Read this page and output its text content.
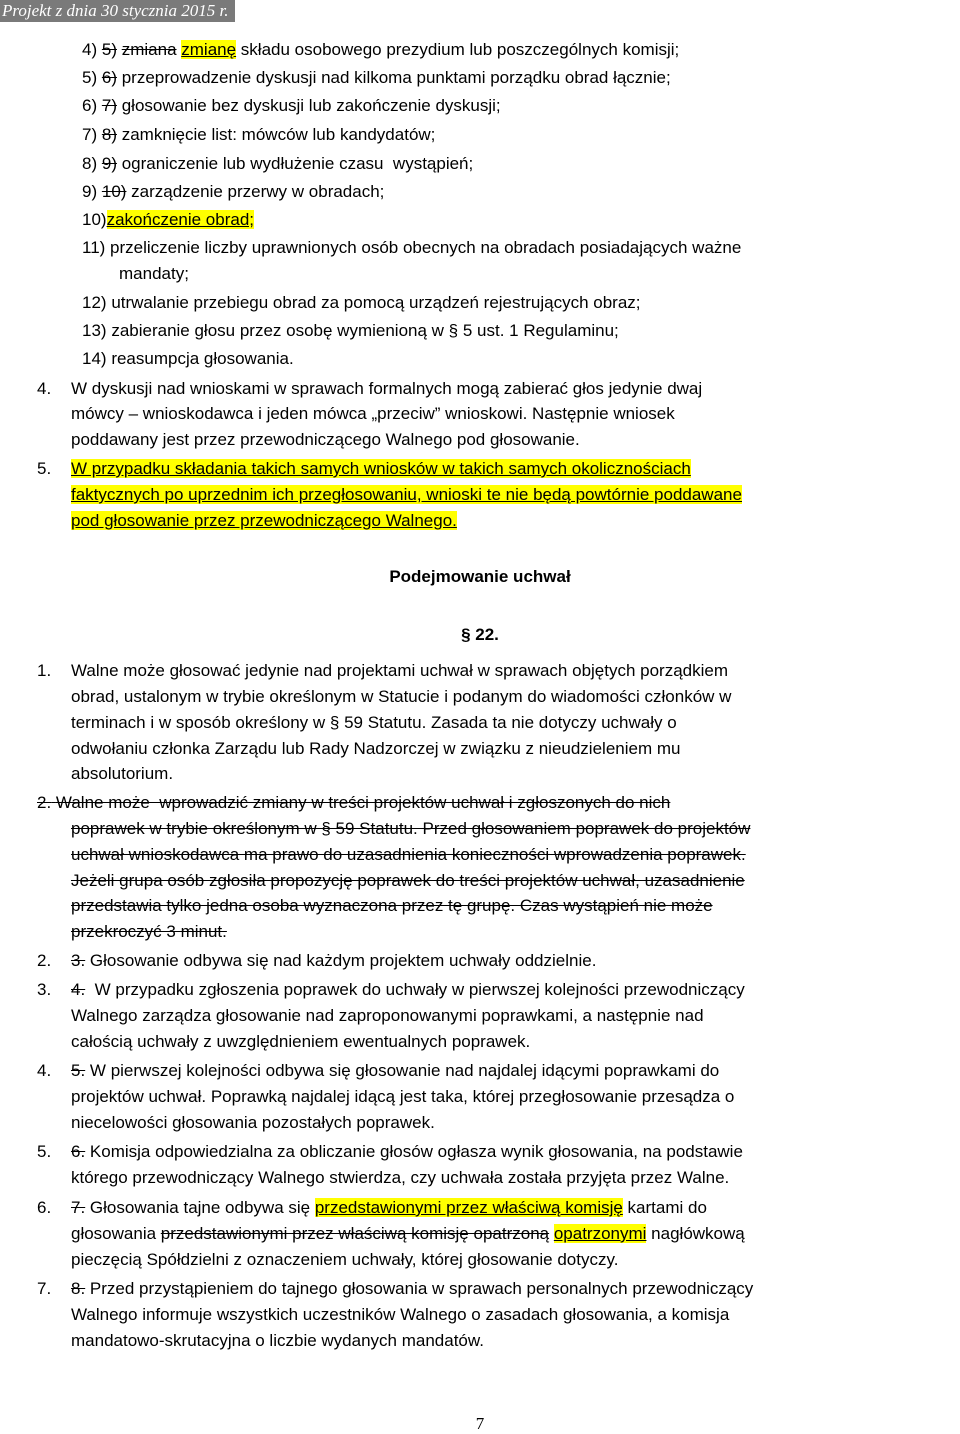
Projekt z dnia 30 stycznia 2015 r.
4) 5) zmiana zmianę składu osobowego prezydium lub poszczególnych komisji;
5) 6) przeprowadzenie dyskusji nad kilkoma punktami porządku obrad łącznie;
6) 7) głosowanie bez dyskusji lub zakończenie dyskusji;
7) 8) zamknięcie list: mówców lub kandydatów;
8) 9) ograniczenie lub wydłużenie czasu  wystąpień;
9) 10) zarządzenie przerwy w obradach;
10)zakończenie obrad;
11) przeliczenie liczby uprawnionych osób obecnych na obradach posiadających ważne
mandaty;
12) utrwalanie przebiegu obrad za pomocą urządzeń rejestrujących obraz;
13) zabieranie głosu przez osobę wymienioną w § 5 ust. 1 Regulaminu;
14) reasumpcja głosowania.
4. W dyskusji nad wnioskami w sprawach formalnych mogą zabierać głos jedynie dwaj
mówcy – wnioskodawca i jeden mówca „przeciw” wnioskowi. Następnie wniosek
poddawany jest przez przewodniczącego Walnego pod głosowanie.
5. W przypadku składania takich samych wniosków w takich samych okolicznościach
faktycznych po uprzednim ich przegłosowaniu, wnioski te nie będą powtórnie poddawane
pod głosowanie przez przewodniczącego Walnego.
Podejmowanie uchwał
§ 22.
1. Walne może głosować jedynie nad projektami uchwał w sprawach objętych porządkiem
obrad, ustalonym w trybie określonym w Statucie i podanym do wiadomości członków w
terminach i w sposób określony w § 59 Statutu. Zasada ta nie dotyczy uchwały o
odwołaniu członka Zarządu lub Rady Nadzorczej w związku z nieudzieleniem mu
absolutorium.
2. Walne może  wprowadzić zmiany w treści projektów uchwał i zgłoszonych do nich
poprawek w trybie określonym w § 59 Statutu. Przed głosowaniem poprawek do projektów
uchwał wnioskodawca ma prawo do uzasadnienia konieczności wprowadzenia poprawek.
Jeżeli grupa osób zgłosiła propozycję poprawek do treści projektów uchwał, uzasadnienie
przedstawia tylko jedna osoba wyznaczona przez tę grupę. Czas wystąpień nie może
przekroczyć 3 minut.
2. 3. Głosowanie odbywa się nad każdym projektem uchwały oddzielnie.
3. 4.  W przypadku zgłoszenia poprawek do uchwały w pierwszej kolejności przewodniczący
Walnego zarządza głosowanie nad zaproponowanymi poprawkami, a następnie nad
całością uchwały z uwzględnieniem ewentualnych poprawek.
4. 5. W pierwszej kolejności odbywa się głosowanie nad najdalej idącymi poprawkami do
projektów uchwał. Poprawką najdalej idącą jest taka, której przegłosowanie przesądza o
niecelowości głosowania pozostałych poprawek.
5. 6. Komisja odpowiedzialna za obliczanie głosów ogłasza wynik głosowania, na podstawie
którego przewodniczący Walnego stwierdza, czy uchwała została przyjęta przez Walne.
6. 7. Głosowania tajne odbywa się przedstawionymi przez właściwą komisję kartami do
głosowania przedstawionymi przez właściwą komisję opatrzoną opatrzonymi nagłówkową
pieczęcią Spółdzielni z oznaczeniem uchwały, której głosowanie dotyczy.
7. 8. Przed przystąpieniem do tajnego głosowania w sprawach personalnych przewodniczący
Walnego informuje wszystkich uczestników Walnego o zasadach głosowania, a komisja
mandatowo-skrutacyjna o liczbie wydanych mandatów.
7
